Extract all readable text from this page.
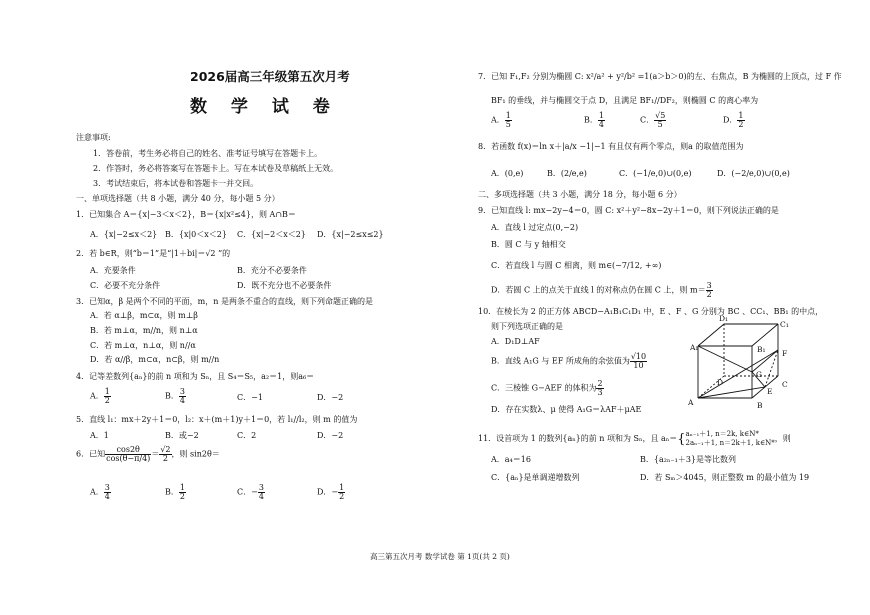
2026届高三年级第五次月考
数 学 试 卷
注意事项:
1．答卷前，考生务必将自己的姓名、准考证号填写在答题卡上。
2．作答时，务必将答案写在答题卡上。写在本试卷及草稿纸上无效。
3．考试结束后，将本试卷和答题卡一并交回。
一、单项选择题（共 8 小题，满分 40 分，每小题 5 分）
1．已知集合 A＝{x|−3＜x＜2}，B＝{x|x²≤4}，则 A∩B＝
A．{x|−2≤x＜2} B．{x|0＜x＜2} C．{x|−2＜x＜2} D．{x|−2≤x≤2}
2．若 b∈R，则“b＝1”是“|1＋bi|＝√2 ”的
A．充要条件	B．充分不必要条件
C．必要不充分条件	D．既不充分也不必要条件
3．已知α，β 是两个不同的平面，m，n 是两条不重合的直线，则下列命题正确的是
A．若 α⊥β，m⊂α，则 m⊥β
B．若 m⊥α，m//n，则 n⊥α
C．若 m⊥α，n⊥α，则 n//α
D．若 α//β，m⊂α，n⊂β，则 m//n
4．记等差数列{aₙ}的前 n 项和为 Sₙ，且 S₄＝S₅，a₂＝1，则a₆＝
A． $\frac{1}{2}$	B． $\frac{3}{4}$	C．−1	D．−2
5．直线 l₁：mx＋2y＋1＝0，l₂：x＋(m＋1)y＋1＝0，若 l₁//l₂，则 m 的值为
A．1	B．或−2	C．2	D．−2
6．已知 $\frac{\cos 2\theta}{\cos(\theta-\pi/4)} = \frac{√2}{2}$ ，则 sin2θ＝
A． $\frac{3}{4}$	B． $\frac{1}{2}$	C．− $\frac{3}{4}$	D．− $\frac{1}{2}$
7．已知 F₁,F₂ 分别为椭圆 C: x²/a² + y²/b² =1(a＞b＞0)的左、右焦点，B 为椭圆的上顶点，过 F 作
BF₁ 的垂线，并与椭圆交于点 D，且满足 BF₁//DF₂，则椭圆 C 的离心率为
A． $\frac{1}{5}$	B． $\frac{1}{4}$	C． $\frac{√5}{5}$	D． $\frac{1}{2}$
8．若函数 f(x)＝ln x＋|a/x −1|−1 有且仅有两个零点，则a 的取值范围为
A．(0,e)	B．(2/e,e)	C．(−1/e,0)∪(0,e)	D．(−2/e,0)∪(0,e)
二、多项选择题（共 3 小题，满分 18 分，每小题 6 分）
9．已知直线 l: mx−2y−4＝0，圆 C: x²＋y²−8x−2y＋1＝0，则下列说法正确的是
A．直线 l 过定点(0,−2)
B．圆 C 与 y 轴相交
C．若直线 l 与圆 C 相离，则 m∈(−7/12, +∞)
D．若圆 C 上的点关于直线 l 的对称点仍在圆 C 上，则 $m= \frac{3}{2}$
10．在棱长为 2 的正方体 ABCD−A₁B₁C₁D₁ 中，E 、F 、G 分别为 BC 、CC₁、BB₁ 的中点，
则下列选项正确的是
A．D₁D⊥AF
B．直线 A₁G 与 EF 所成角的余弦值为 $\frac{√10}{10}$
C．三棱锥 G−AEF 的体积为 $\frac{2}{3}$
D．存在实数λ、μ 使得 A₁G＝λAF＋μAE
D₁
C₁
A₁	B₁ F
G
D	C
A
E
B
11．设首项为 1 的数列{aₙ}的前 n 项和为 Sₙ，且 aₙ＝{ aₙ₋₁＋1, n＝2k, k∈N*
2aₙ₋₁＋1, n＝2k＋1, k∈N* ，则
A．a₄＝16	B．{a₂ₙ₋₁＋3}是等比数列
C．{aₙ}是单调递增数列	D．若 Sₘ＞4045，则正整数 m 的最小值为 19
高三第五次月考 数学试卷 第 1页(共 2 页)
